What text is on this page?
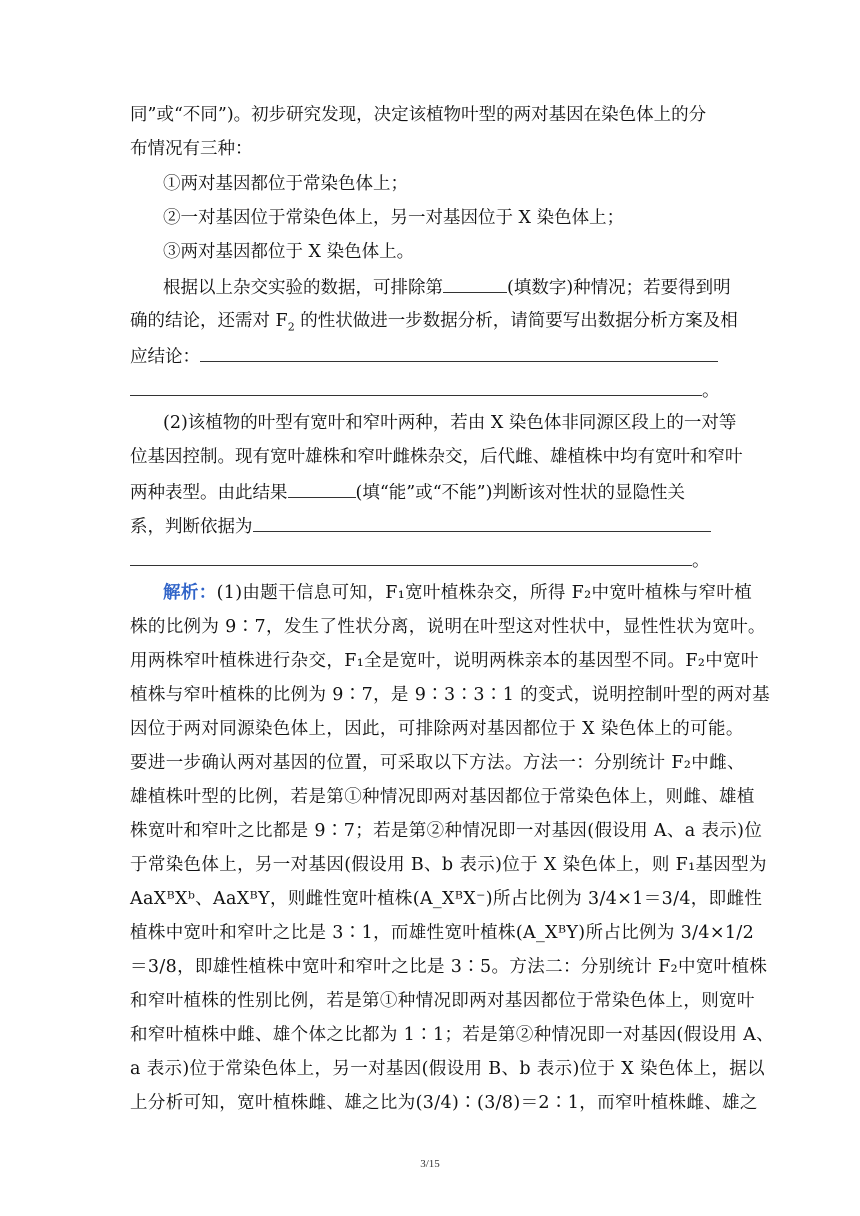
同”或“不同”)。初步研究发现，决定该植物叶型的两对基因在染色体上的分
布情况有三种：
①两对基因都位于常染色体上；
②一对基因位于常染色体上，另一对基因位于 X 染色体上；
③两对基因都位于 X 染色体上。
根据以上杂交实验的数据，可排除第	(填数字)种情况；若要得到明
确的结论，还需对 $F_2$ 的性状做进一步数据分析，请简要写出数据分析方案及相
应结论：
。
(2)该植物的叶型有宽叶和窄叶两种，若由 X 染色体非同源区段上的一对等
位基因控制。现有宽叶雄株和窄叶雌株杂交，后代雌、雄植株中均有宽叶和窄叶
两种表型。由此结果	(填“能”或“不能”)判断该对性状的显隐性关
系，判断依据为
。
解析：(1)由题干信息可知，F₁宽叶植株杂交，所得 F₂中宽叶植株与窄叶植
株的比例为 9∶7，发生了性状分离，说明在叶型这对性状中，显性性状为宽叶。
用两株窄叶植株进行杂交，F₁全是宽叶，说明两株亲本的基因型不同。F₂中宽叶
植株与窄叶植株的比例为 9∶7，是 9∶3∶3∶1 的变式，说明控制叶型的两对基
因位于两对同源染色体上，因此，可排除两对基因都位于 X 染色体上的可能。
要进一步确认两对基因的位置，可采取以下方法。方法一：分别统计 F₂中雌、
雄植株叶型的比例，若是第①种情况即两对基因都位于常染色体上，则雌、雄植
株宽叶和窄叶之比都是 9∶7；若是第②种情况即一对基因(假设用 A、a 表示)位
于常染色体上，另一对基因(假设用 B、b 表示)位于 X 染色体上，则 F₁基因型为
AaXᴮXᵇ、AaXᴮY，则雌性宽叶植株(A_XᴮX⁻)所占比例为 3/4×1＝3/4，即雌性
植株中宽叶和窄叶之比是 3∶1，而雄性宽叶植株(A_XᴮY)所占比例为 3/4×1/2
＝3/8，即雄性植株中宽叶和窄叶之比是 3∶5。方法二：分别统计 F₂中宽叶植株
和窄叶植株的性别比例，若是第①种情况即两对基因都位于常染色体上，则宽叶
和窄叶植株中雌、雄个体之比都为 1∶1；若是第②种情况即一对基因(假设用 A、
a 表示)位于常染色体上，另一对基因(假设用 B、b 表示)位于 X 染色体上，据以
上分析可知，宽叶植株雌、雄之比为(3/4)∶(3/8)＝2∶1，而窄叶植株雌、雄之
3/15
